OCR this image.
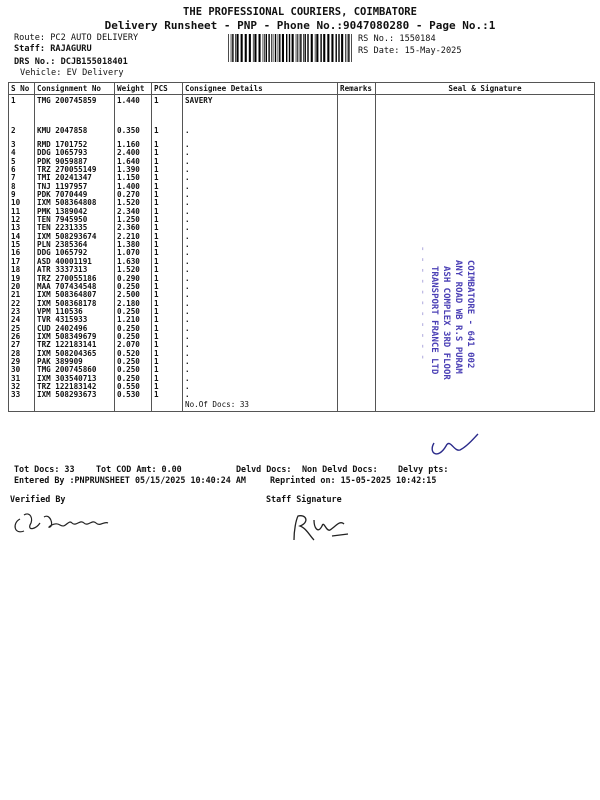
THE PROFESSIONAL COURIERS, COIMBATORE
Delivery Runsheet - PNP - Phone No.:9047080280 - Page No.:1
Route: PC2 AUTO DELIVERY
Staff: RAJAGURU
DRS No.: DCJB155018401
Vehicle: EV Delivery
RS No.: 1550184
RS Date: 15-May-2025
S No	Consignment No	Weight	PCS	Consignee Details	Remarks	Seal & Signature
1	TMG 200745859	1.440	1	SAVERY		
2	KMU 2047858	0.350	1	.		
3	RMD 1701752	1.160	1	.		
4	DDG 1065793	2.400	1	.		
5	PDK 9059887	1.640	1	.		
6	TRZ 270055149	1.390	1	.		
7	TMI 20241347	1.150	1	.		
8	TNJ 1197957	1.400	1	.		
9	PDK 7070449	0.270	1	.		
10	IXM 508364808	1.520	1	.		
11	PMK 1389042	2.340	1	.		
12	TEN 7945950	1.250	1	.		
13	TEN 2231335	2.360	1	.		
14	IXM 508293674	2.210	1	.		
15	PLN 2385364	1.380	1	.		
16	DDG 1065792	1.070	1	.		
17	ASD 40001191	1.630	1	.		
18	ATR 3337313	1.520	1	.		
19	TRZ 270055186	0.290	1	.		
20	MAA 707434548	0.250	1	.		
21	IXM 508364807	2.500	1	.		
22	IXM 508368178	2.180	1	.		
23	VPM 110536	0.250	1	.		
24	TVR 4315933	1.210	1	.		
25	CUD 2402496	0.250	1	.		
26	IXM 508349679	0.250	1	.		
27	TRZ 122183141	2.070	1	.		
28	IXM 508204365	0.520	1	.		
29	PAK 389909	0.250	1	.		
30	TMG 200745860	0.250	1	.		
31	IXM 303540713	0.250	1	.		
32	TRZ 122183142	0.550	1	.		
33	IXM 508293673	0.530	1	.		
				No.Of Docs: 33		
- - - - - - - - - - - TRANSPORT FRANCE LTD ASH COMPLEX 3RD FLOOR ANY ROAD WB R.S PURAM COIMBATORE - 641 002
Tot Docs: 33	Tot COD Amt: 0.00	Delvd Docs: Non Delvd Docs: Delvy pts:
Entered By :PNPRUNSHEET 05/15/2025 10:40:24 AM	Reprinted on: 15-05-2025 10:42:15
Verified By	Staff Signature
